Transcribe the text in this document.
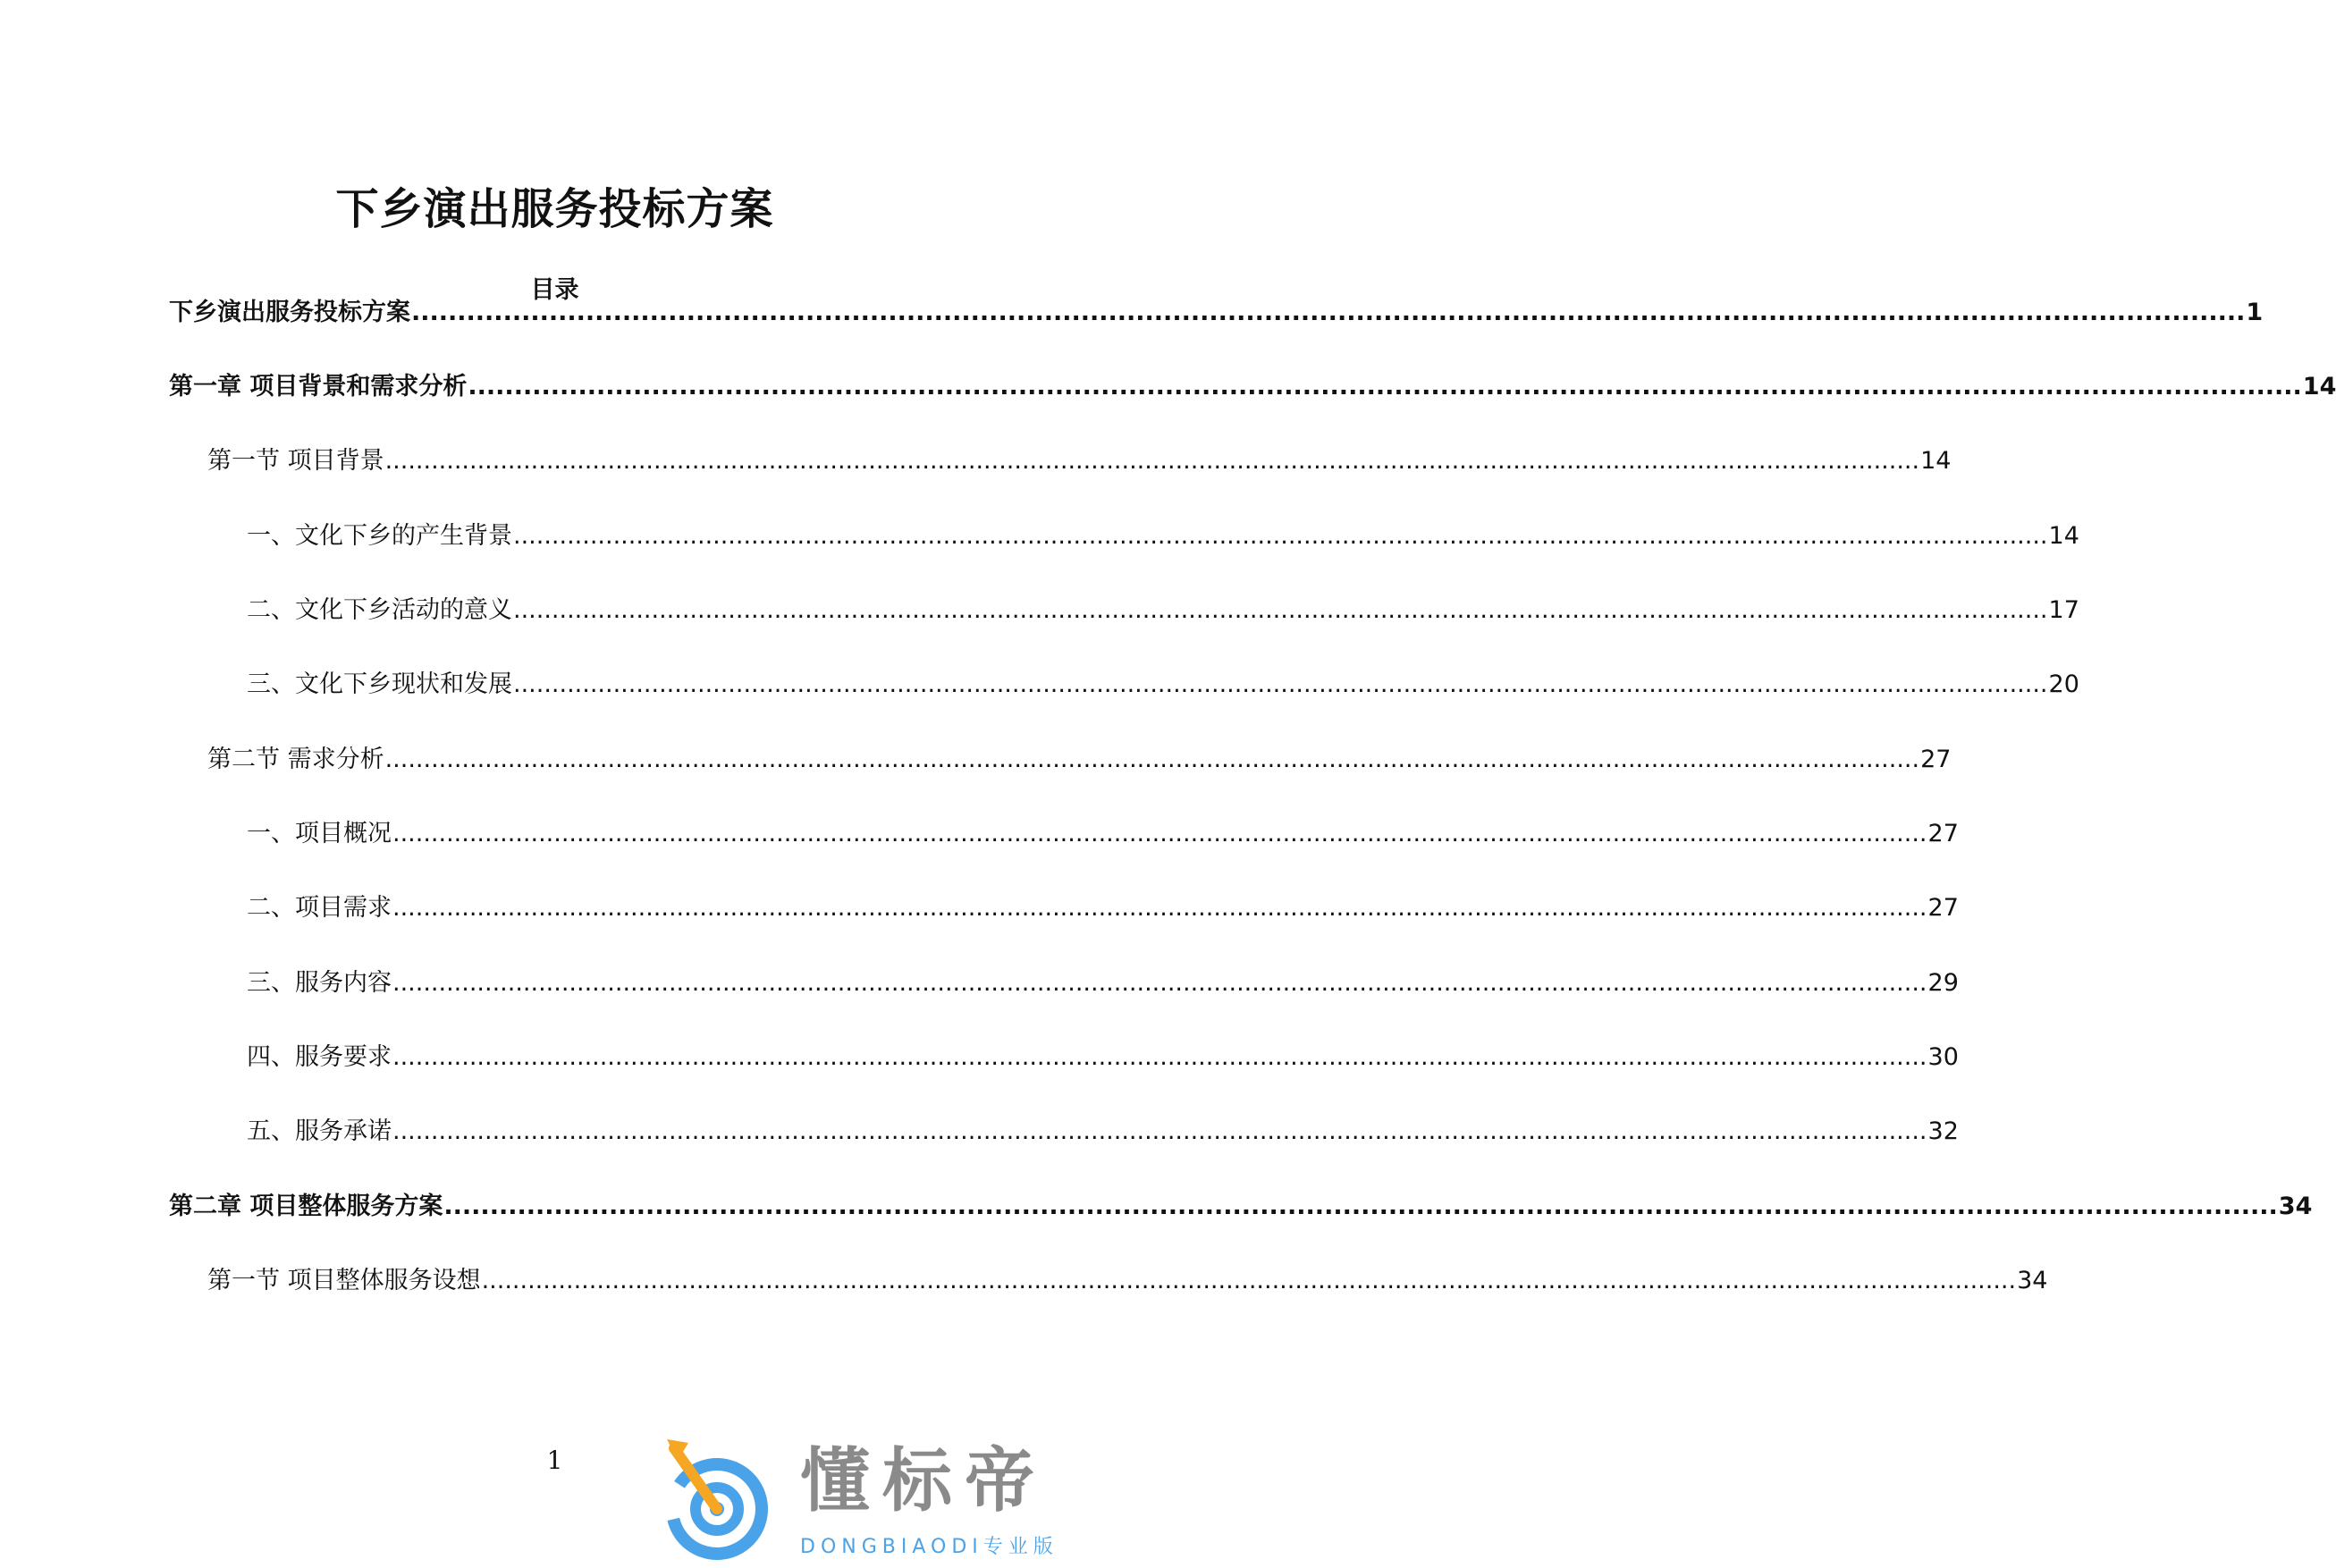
下乡演出服务投标方案
目录
下乡演出服务投标方案 ........................................................................................................................................................................................................ 1
第一章 项目背景和需求分析 ........................................................................................................................................................................................................ 14
第一节 项目背景 ........................................................................................................................................................................................................ 14
一、文化下乡的产生背景 ........................................................................................................................................................................................................ 14
二、文化下乡活动的意义 ........................................................................................................................................................................................................ 17
三、文化下乡现状和发展 ........................................................................................................................................................................................................ 20
第二节 需求分析 ........................................................................................................................................................................................................ 27
一、项目概况 ........................................................................................................................................................................................................ 27
二、项目需求 ........................................................................................................................................................................................................ 27
三、服务内容 ........................................................................................................................................................................................................ 29
四、服务要求 ........................................................................................................................................................................................................ 30
五、服务承诺 ........................................................................................................................................................................................................ 32
第二章 项目整体服务方案 ........................................................................................................................................................................................................ 34
第一节 项目整体服务设想 ........................................................................................................................................................................................................ 34
1	懂标帝
DONGBIAODI专业版
